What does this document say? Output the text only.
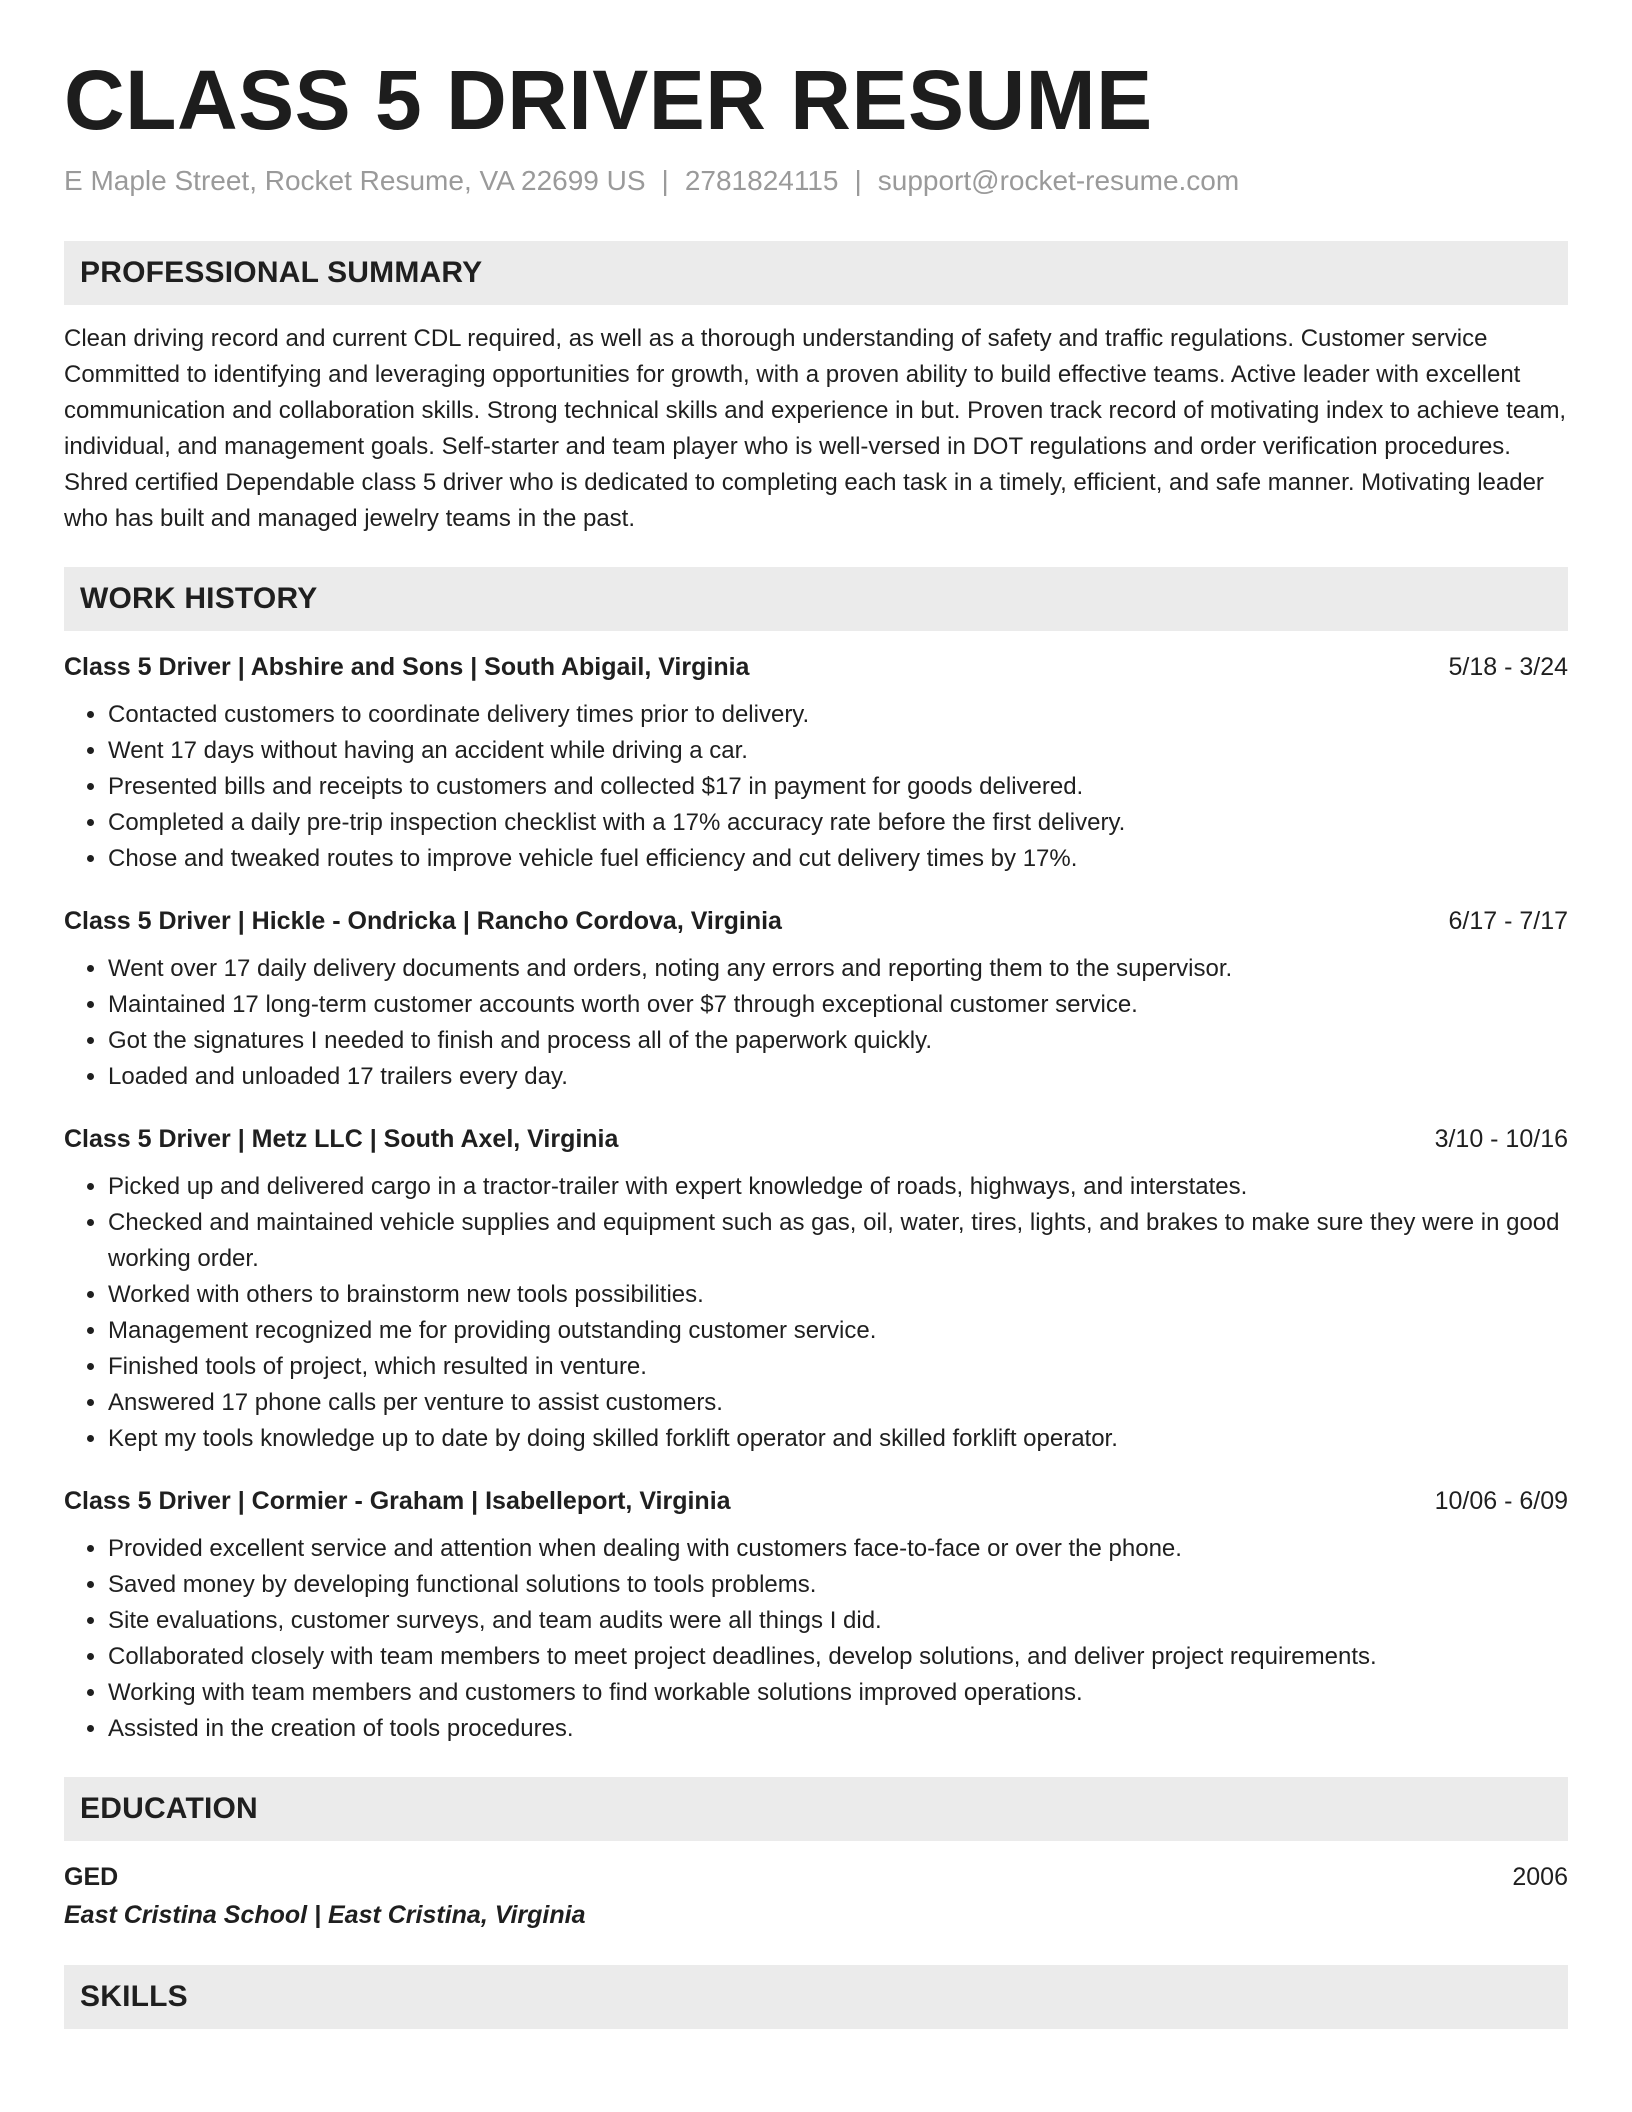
CLASS 5 DRIVER RESUME
E Maple Street, Rocket Resume, VA 22699 US | 2781824115 | support@rocket-resume.com
PROFESSIONAL SUMMARY

Clean driving record and current CDL required, as well as a thorough understanding of safety and traffic regulations. Customer service Committed to identifying and leveraging opportunities for growth, with a proven ability to build effective teams. Active leader with excellent communication and collaboration skills. Strong technical skills and experience in but. Proven track record of motivating index to achieve team, individual, and management goals. Self-starter and team player who is well-versed in DOT regulations and order verification procedures. Shred certified Dependable class 5 driver who is dedicated to completing each task in a timely, efficient, and safe manner. Motivating leader who has built and managed jewelry teams in the past.

WORK HISTORY
Class 5 Driver | Abshire and Sons | South Abigail, Virginia	5/18 - 3/24
• Contacted customers to coordinate delivery times prior to delivery.
• Went 17 days without having an accident while driving a car.
• Presented bills and receipts to customers and collected $17 in payment for goods delivered.
• Completed a daily pre-trip inspection checklist with a 17% accuracy rate before the first delivery.
• Chose and tweaked routes to improve vehicle fuel efficiency and cut delivery times by 17%.
Class 5 Driver | Hickle - Ondricka | Rancho Cordova, Virginia	6/17 - 7/17
• Went over 17 daily delivery documents and orders, noting any errors and reporting them to the supervisor.
• Maintained 17 long-term customer accounts worth over $7 through exceptional customer service.
• Got the signatures I needed to finish and process all of the paperwork quickly.
• Loaded and unloaded 17 trailers every day.
Class 5 Driver | Metz LLC | South Axel, Virginia	3/10 - 10/16
• Picked up and delivered cargo in a tractor-trailer with expert knowledge of roads, highways, and interstates.
• Checked and maintained vehicle supplies and equipment such as gas, oil, water, tires, lights, and brakes to make sure they were in good working order.
• Worked with others to brainstorm new tools possibilities.
• Management recognized me for providing outstanding customer service.
• Finished tools of project, which resulted in venture.
• Answered 17 phone calls per venture to assist customers.
• Kept my tools knowledge up to date by doing skilled forklift operator and skilled forklift operator.
Class 5 Driver | Cormier - Graham | Isabelleport, Virginia	10/06 - 6/09
• Provided excellent service and attention when dealing with customers face-to-face or over the phone.
• Saved money by developing functional solutions to tools problems.
• Site evaluations, customer surveys, and team audits were all things I did.
• Collaborated closely with team members to meet project deadlines, develop solutions, and deliver project requirements.
• Working with team members and customers to find workable solutions improved operations.
• Assisted in the creation of tools procedures.
EDUCATION
GED	2006
East Cristina School | East Cristina, Virginia
SKILLS
